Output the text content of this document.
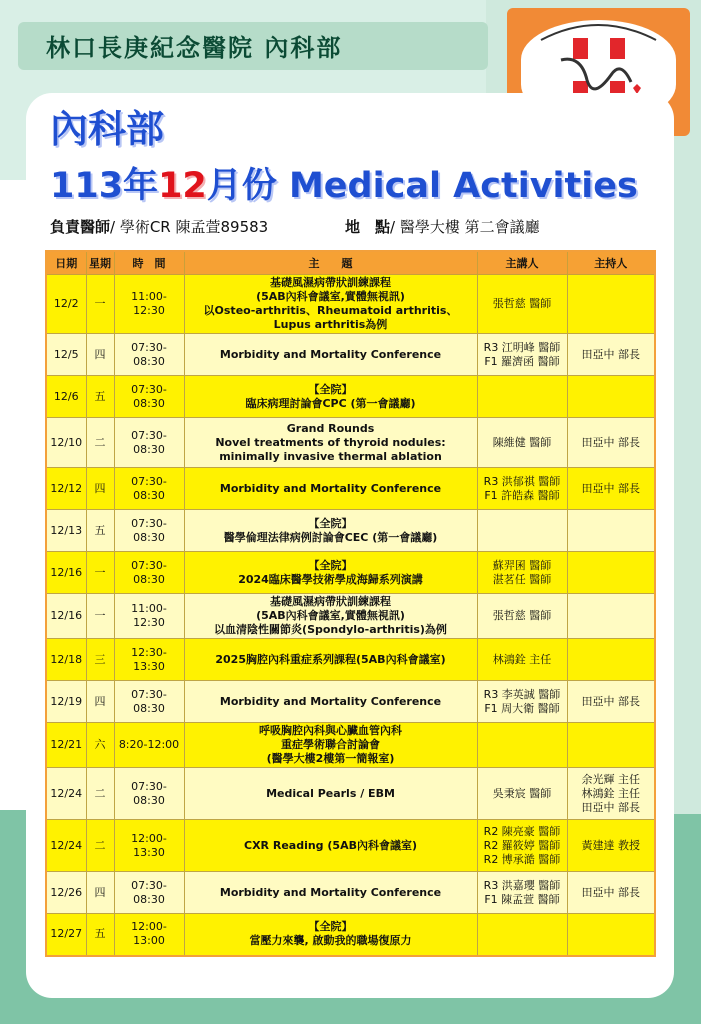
林口長庚紀念醫院 內科部
內科部
113年12月份 Medical Activities
負責醫師/ 學術CR 陳孟萱89583	地　點/ 醫學大樓 第二會議廳
日期	星期	時　間	主　　題	主講人	主持人
12/2	一	11:00-12:30	基礎風濕病帶狀訓練課程
(5AB內科會議室,實體無視訊)
以Osteo-arthritis、Rheumatoid arthritis、Lupus arthritis為例	張哲慈 醫師	

12/5	四	07:30-08:30	Morbidity and Mortality Conference	R3 江明峰 醫師
F1 羅濟函 醫師	田亞中 部長

12/6	五	07:30-08:30	【全院】
臨床病理討論會CPC (第一會議廳)		

12/10	二	07:30-08:30	Grand Rounds
Novel treatments of thyroid nodules:
minimally invasive thermal ablation	陳維健 醫師	田亞中 部長

12/12	四	07:30-08:30	Morbidity and Mortality Conference	R3 洪郁祺 醫師
F1 許皓森 醫師	田亞中 部長

12/13	五	07:30-08:30	【全院】
醫學倫理法律病例討論會CEC (第一會議廳)		

12/16	一	07:30-08:30	【全院】
2024臨床醫學技術學成海歸系列演講	蘇羿囷 醫師
湛茗任 醫師	

12/16	一	11:00-12:30	基礎風濕病帶狀訓練課程
(5AB內科會議室,實體無視訊)
以血清陰性關節炎(Spondylo-arthritis)為例	張哲慈 醫師	

12/18	三	12:30-13:30	2025胸腔內科重症系列課程(5AB內科會議室)	林鴻銓 主任	

12/19	四	07:30-08:30	Morbidity and Mortality Conference	R3 李英誠 醫師
F1 周大衛 醫師	田亞中 部長

12/21	六	8:20-12:00	呼吸胸腔內科與心臟血管內科
重症學術聯合討論會
(醫學大樓2樓第一簡報室)		

12/24	二	07:30-08:30	Medical Pearls / EBM	吳秉宸 醫師	余光輝 主任
林鴻銓 主任
田亞中 部長

12/24	二	12:00-13:30	CXR Reading (5AB內科會議室)	R2 陳亮豪 醫師
R2 羅筱婷 醫師
R2 博承澔 醫師	黃建達 教授

12/26	四	07:30-08:30	Morbidity and Mortality Conference	R3 洪嘉瓔 醫師
F1 陳孟萱 醫師	田亞中 部長

12/27	五	12:00-13:00	【全院】
當壓力來襲, 啟動我的職場復原力		
